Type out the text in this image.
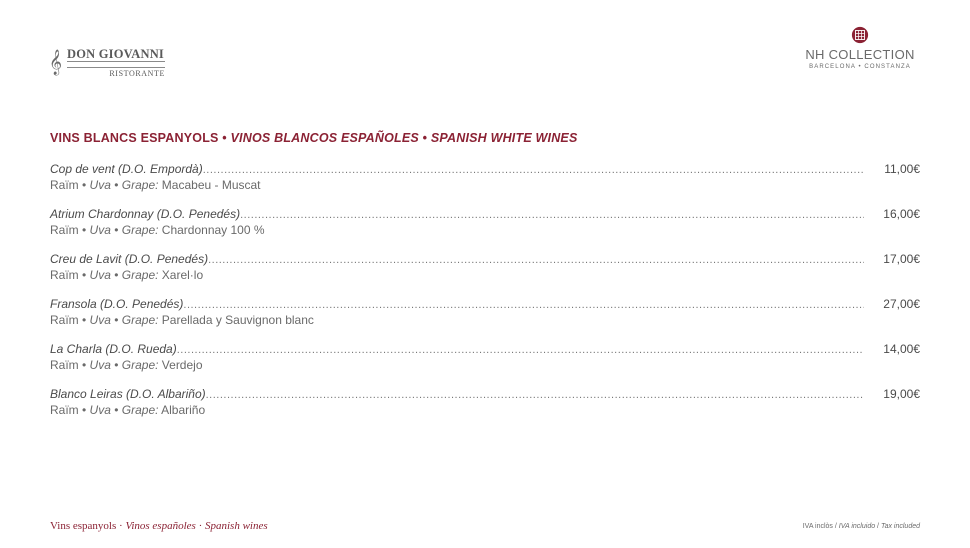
𝄞 DON GIOVANNI
RISTORANTE
NH COLLECTION
BARCELONA • CONSTANZA
VINS BLANCS ESPANYOLS • VINOS BLANCOS ESPAÑOLES • SPANISH WHITE WINES
Cop de vent (D.O. Empordà) .....	11,00€
Raïm • Uva • Grape: Macabeu - Muscat
Atrium Chardonnay (D.O. Penedés) .....	16,00€
Raïm • Uva • Grape: Chardonnay 100 %
Creu de Lavit (D.O. Penedés) .....	17,00€
Raïm • Uva • Grape: Xarel·lo
Fransola (D.O. Penedés) .....	27,00€
Raïm • Uva • Grape: Parellada y Sauvignon blanc
La Charla (D.O. Rueda) .....	14,00€
Raïm • Uva • Grape: Verdejo
Blanco Leiras (D.O. Albariño) .....	19,00€
Raïm • Uva • Grape: Albariño
Vins espanyols · Vinos españoles · Spanish wines	IVA inclòs / IVA incluido / Tax included
